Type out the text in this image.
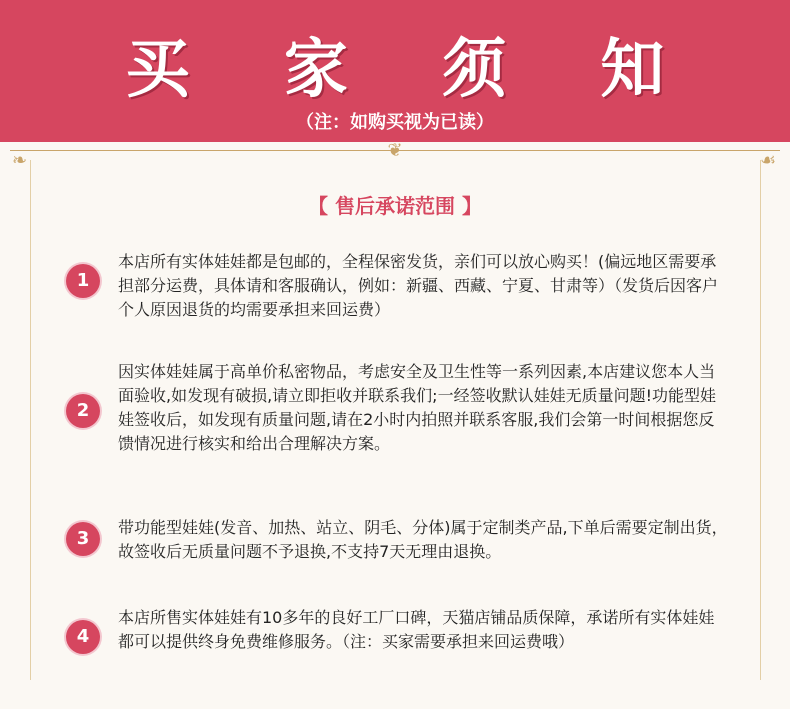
买 家 须 知
（注：如购买视为已读）
❦
❧	☙
【 售后承诺范围 】
1
本店所有实体娃娃都是包邮的，全程保密发货，亲们可以放心购买！(偏远地区需要承担部分运费，具体请和客服确认，例如：新疆、西藏、宁夏、甘肃等）（发货后因客户个人原因退货的均需要承担来回运费）
2
因实体娃娃属于高单价私密物品，考虑安全及卫生性等一系列因素,本店建议您本人当面验收,如发现有破损,请立即拒收并联系我们;一经签收默认娃娃无质量问题!功能型娃娃签收后，如发现有质量问题,请在2小时内拍照并联系客服,我们会第一时间根据您反馈情况进行核实和给出合理解决方案。
3
带功能型娃娃(发音、加热、站立、阴毛、分体)属于定制类产品,下单后需要定制出货，故签收后无质量问题不予退换,不支持7天无理由退换。
4
本店所售实体娃娃有10多年的良好工厂口碑，天猫店铺品质保障，承诺所有实体娃娃都可以提供终身免费维修服务。（注：买家需要承担来回运费哦）
